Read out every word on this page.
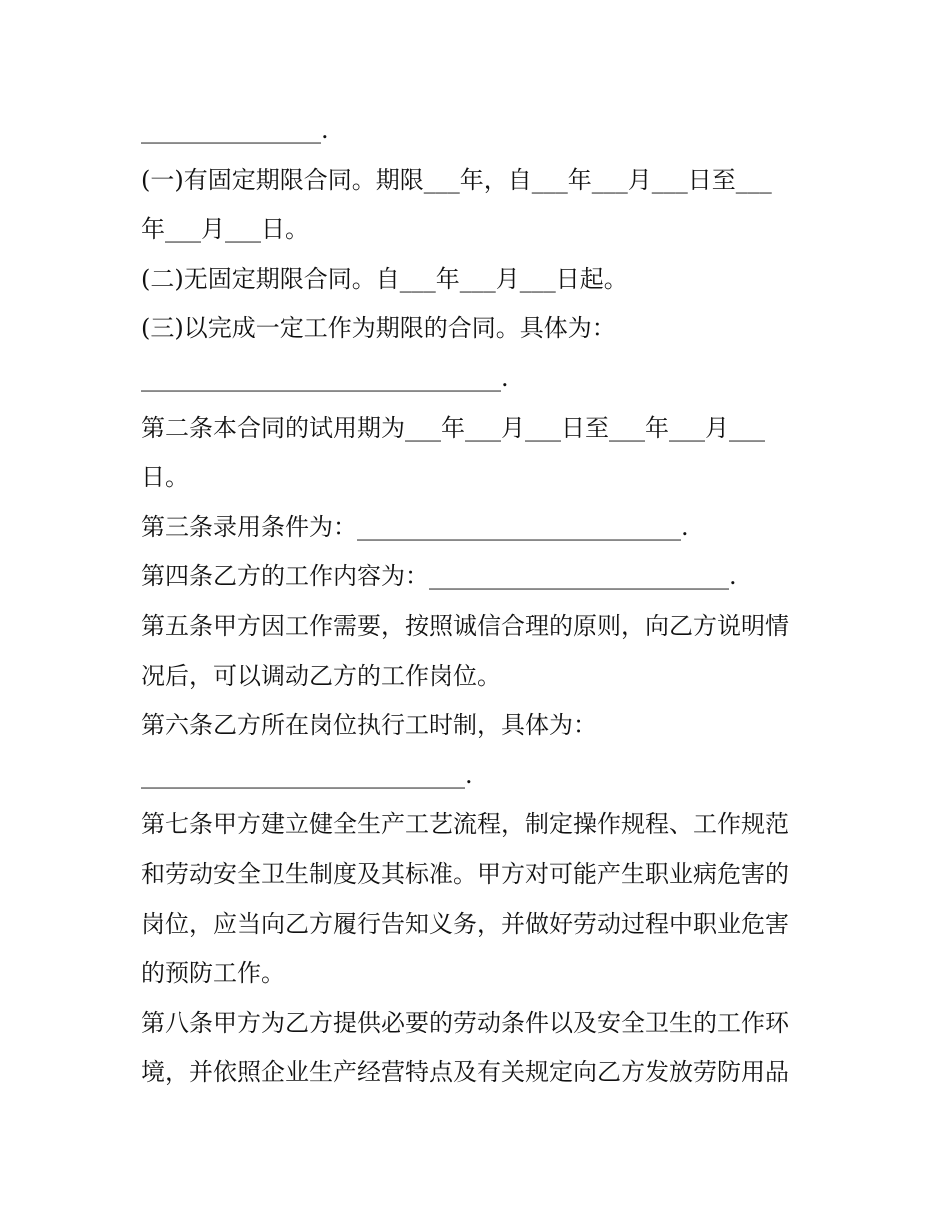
_______________.
(一)有固定期限合同。期限___年，自___年___月___日至___
年___月___日。
(二)无固定期限合同。自___年___月___日起。
(三)以完成一定工作为期限的合同。具体为：
______________________________.
第二条本合同的试用期为___年___月___日至___年___月___
日。
第三条录用条件为：___________________________.
第四条乙方的工作内容为：_________________________.
第五条甲方因工作需要，按照诚信合理的原则，向乙方说明情
况后，可以调动乙方的工作岗位。
第六条乙方所在岗位执行工时制，具体为：
___________________________.
第七条甲方建立健全生产工艺流程，制定操作规程、工作规范
和劳动安全卫生制度及其标准。甲方对可能产生职业病危害的
岗位，应当向乙方履行告知义务，并做好劳动过程中职业危害
的预防工作。
第八条甲方为乙方提供必要的劳动条件以及安全卫生的工作环
境，并依照企业生产经营特点及有关规定向乙方发放劳防用品
